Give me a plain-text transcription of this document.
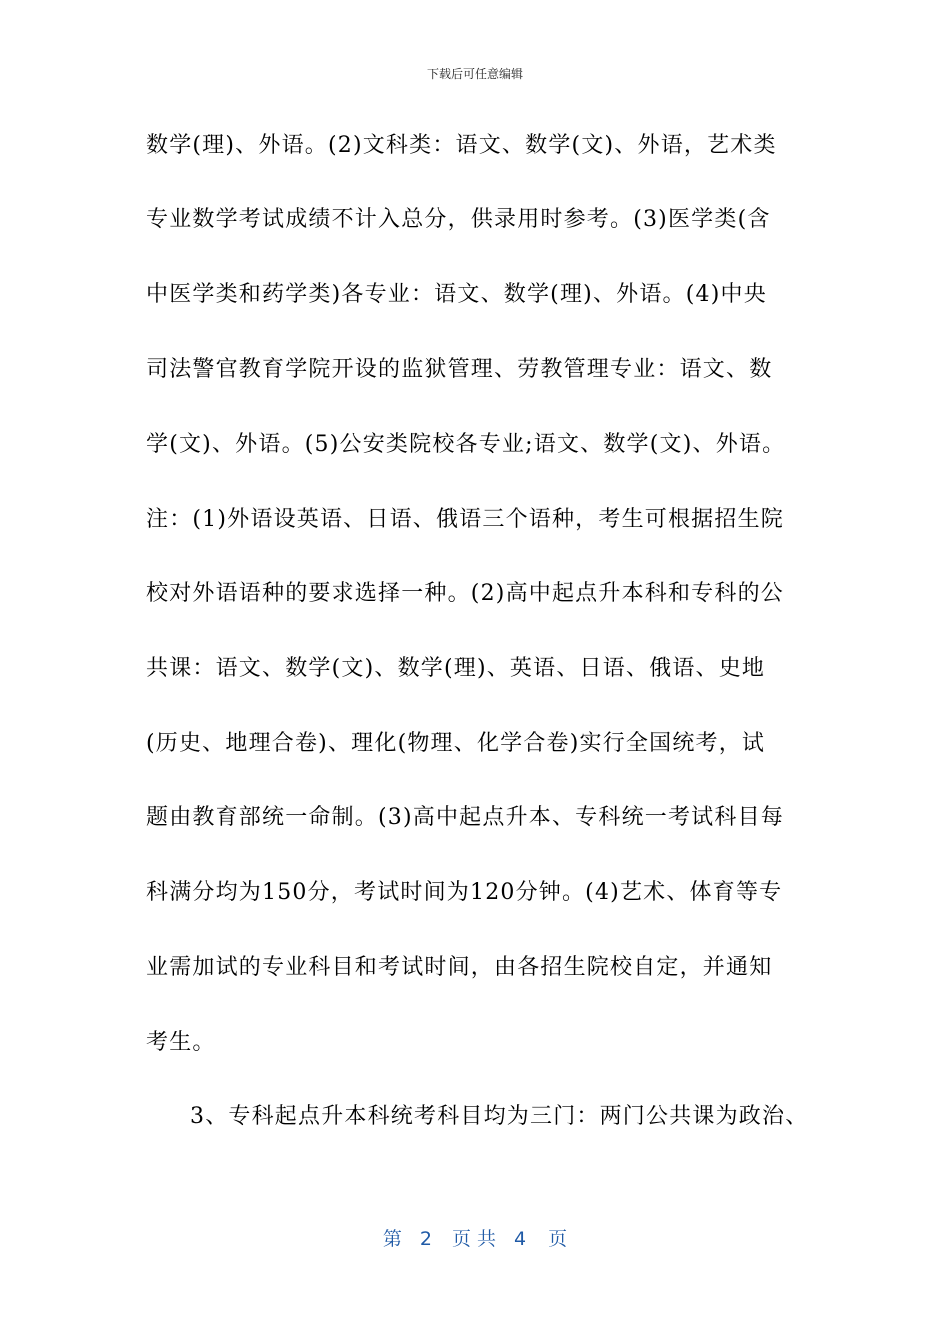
下载后可任意编辑
数学(理)、外语。(2)文科类：语文、数学(文)、外语，艺术类
专业数学考试成绩不计入总分，供录用时参考。(3)医学类(含
中医学类和药学类)各专业：语文、数学(理)、外语。(4)中央
司法警官教育学院开设的监狱管理、劳教管理专业：语文、数
学(文)、外语。(5)公安类院校各专业;语文、数学(文)、外语。
注：(1)外语设英语、日语、俄语三个语种，考生可根据招生院
校对外语语种的要求选择一种。(2)高中起点升本科和专科的公
共课：语文、数学(文)、数学(理)、英语、日语、俄语、史地
(历史、地理合卷)、理化(物理、化学合卷)实行全国统考，试
题由教育部统一命制。(3)高中起点升本、专科统一考试科目每
科满分均为150分，考试时间为120分钟。(4)艺术、体育等专
业需加试的专业科目和考试时间，由各招生院校自定，并通知
考生。
3、专科起点升本科统考科目均为三门：两门公共课为政治、
第 2 页 共 4 页
